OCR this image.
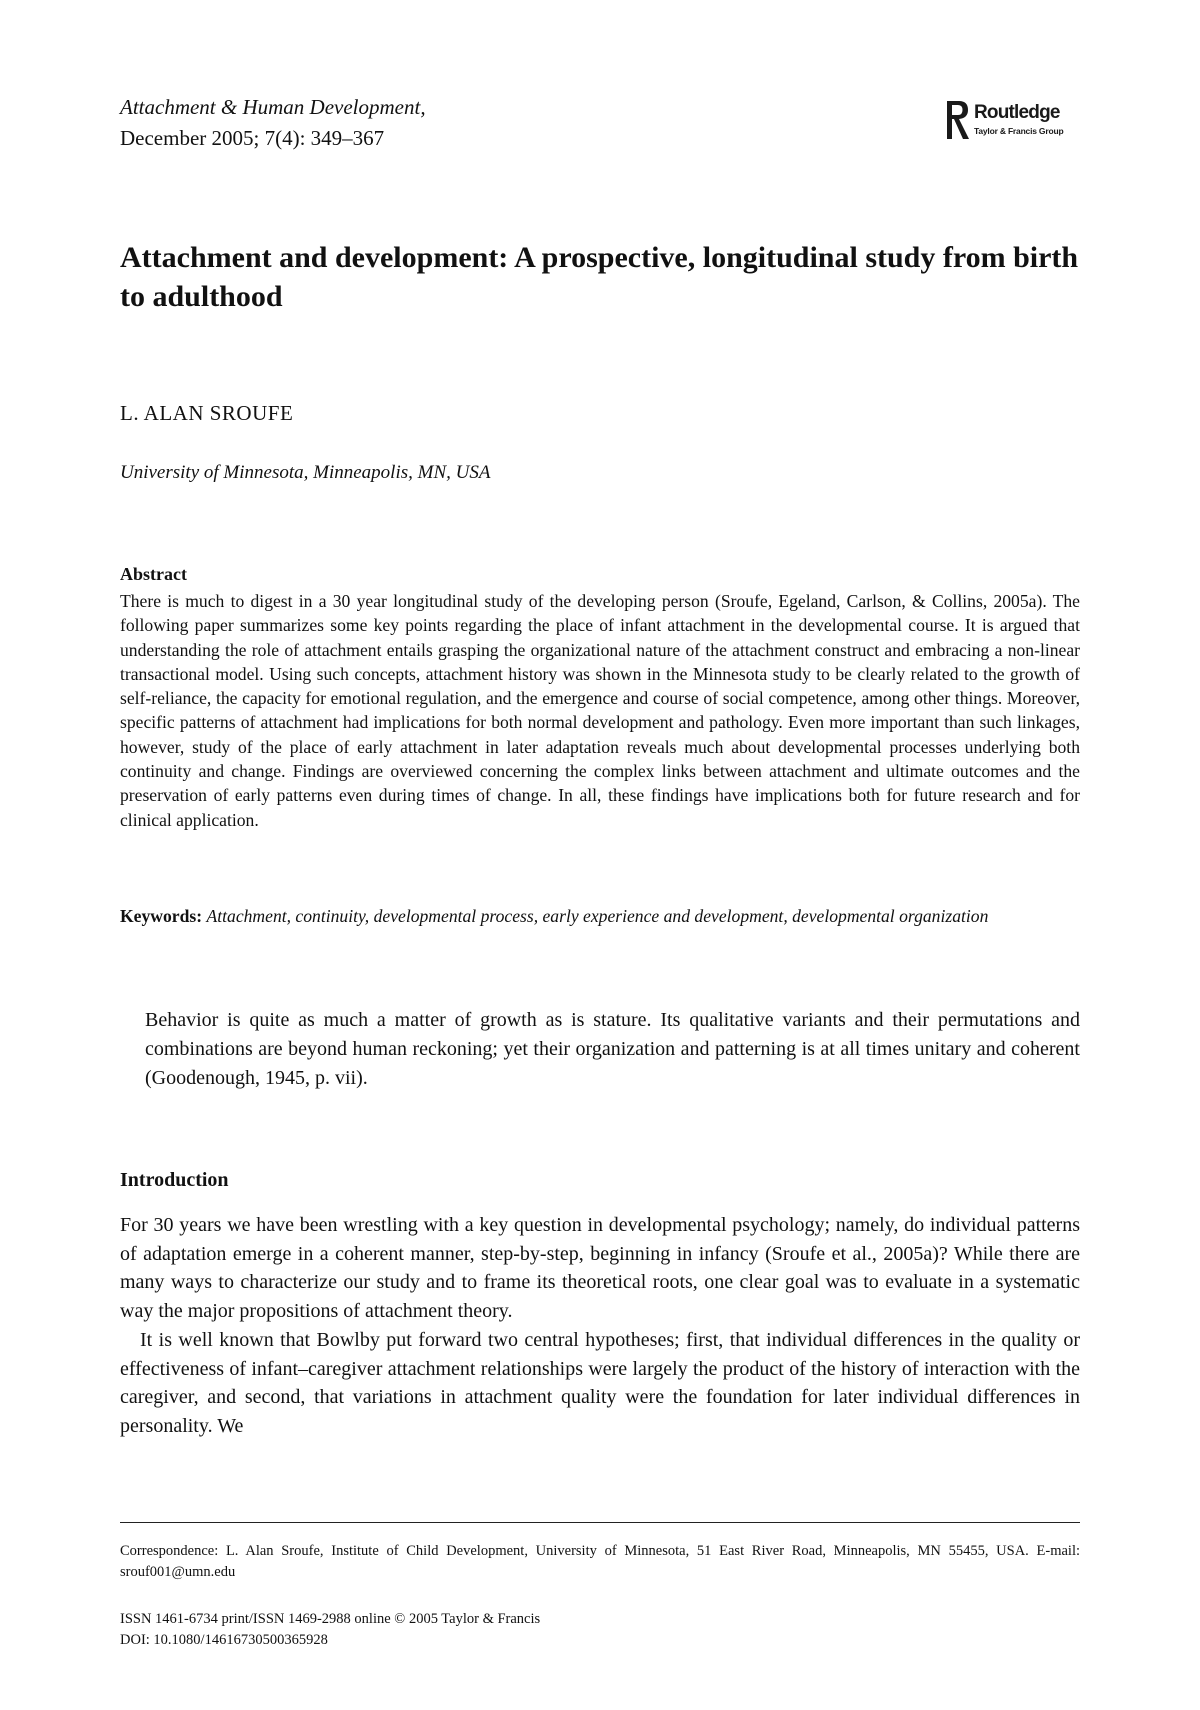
Attachment & Human Development,
December 2005; 7(4): 349–367
Routledge
Taylor & Francis Group
Attachment and development: A prospective, longitudinal study from birth to adulthood
L. ALAN SROUFE
University of Minnesota, Minneapolis, MN, USA
Abstract

There is much to digest in a 30 year longitudinal study of the developing person (Sroufe, Egeland, Carlson, & Collins, 2005a). The following paper summarizes some key points regarding the place of infant attachment in the developmental course. It is argued that understanding the role of attachment entails grasping the organizational nature of the attachment construct and embracing a non-linear transactional model. Using such concepts, attachment history was shown in the Minnesota study to be clearly related to the growth of self-reliance, the capacity for emotional regulation, and the emergence and course of social competence, among other things. Moreover, specific patterns of attachment had implications for both normal development and pathology. Even more important than such linkages, however, study of the place of early attachment in later adaptation reveals much about developmental processes underlying both continuity and change. Findings are overviewed concerning the complex links between attachment and ultimate outcomes and the preservation of early patterns even during times of change. In all, these findings have implications both for future research and for clinical application.

Keywords: Attachment, continuity, developmental process, early experience and development, developmental organization

Behavior is quite as much a matter of growth as is stature. Its qualitative variants and their permutations and combinations are beyond human reckoning; yet their organization and patterning is at all times unitary and coherent (Goodenough, 1945, p. vii).

Introduction

For 30 years we have been wrestling with a key question in developmental psychology; namely, do individual patterns of adaptation emerge in a coherent manner, step-by-step, beginning in infancy (Sroufe et al., 2005a)? While there are many ways to characterize our study and to frame its theoretical roots, one clear goal was to evaluate in a systematic way the major propositions of attachment theory.

It is well known that Bowlby put forward two central hypotheses; first, that individual differences in the quality or effectiveness of infant–caregiver attachment relationships were largely the product of the history of interaction with the caregiver, and second, that variations in attachment quality were the foundation for later individual differences in personality. We

Correspondence: L. Alan Sroufe, Institute of Child Development, University of Minnesota, 51 East River Road, Minneapolis, MN 55455, USA. E-mail: srouf001@umn.edu

ISSN 1461-6734 print/ISSN 1469-2988 online © 2005 Taylor & Francis
DOI: 10.1080/14616730500365928
